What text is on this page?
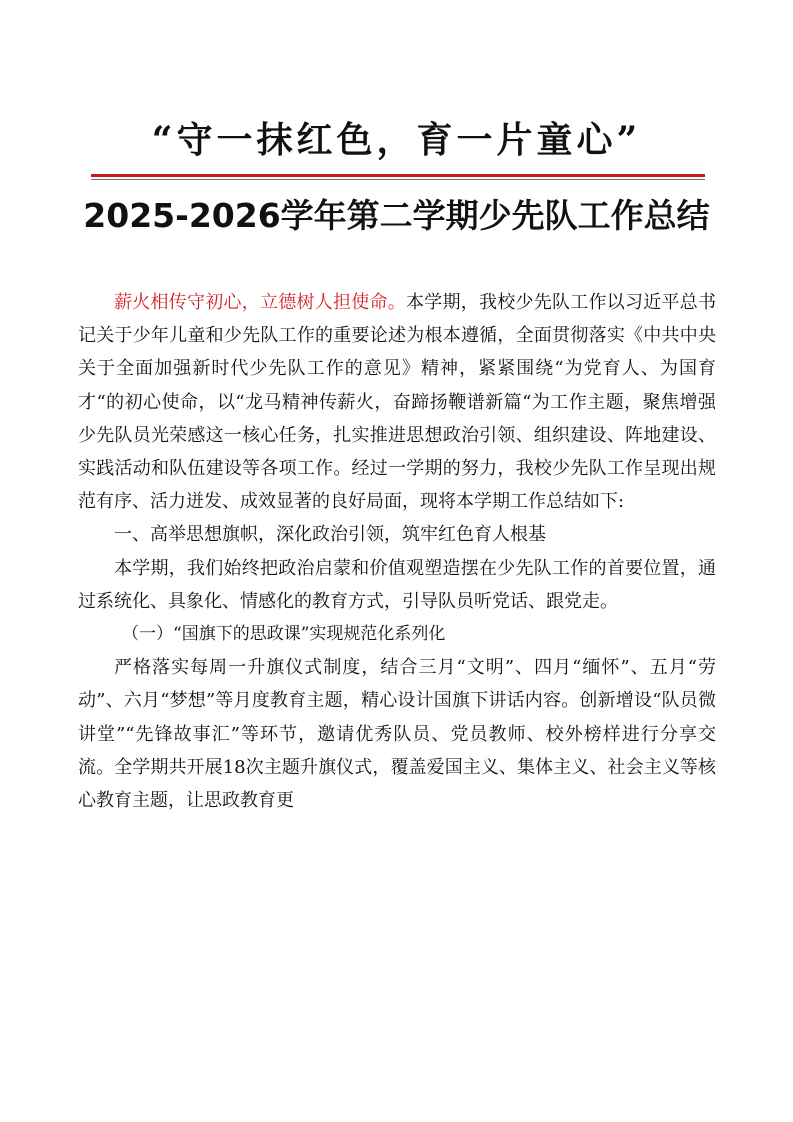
“守一抹红色，育一片童心”
2025-2026学年第二学期少先队工作总结

薪火相传守初心，立德树人担使命。本学期，我校少先队工作以习近平总书记关于少年儿童和少先队工作的重要论述为根本遵循，全面贯彻落实《中共中央关于全面加强新时代少先队工作的意见》精神，紧紧围绕“为党育人、为国育才“的初心使命，以“龙马精神传薪火，奋蹄扬鞭谱新篇“为工作主题，聚焦增强少先队员光荣感这一核心任务，扎实推进思想政治引领、组织建设、阵地建设、实践活动和队伍建设等各项工作。经过一学期的努力，我校少先队工作呈现出规范有序、活力迸发、成效显著的良好局面，现将本学期工作总结如下:

一、高举思想旗帜，深化政治引领，筑牢红色育人根基

本学期，我们始终把政治启蒙和价值观塑造摆在少先队工作的首要位置，通过系统化、具象化、情感化的教育方式，引导队员听党话、跟党走。

（一）“国旗下的思政课”实现规范化系列化

严格落实每周一升旗仪式制度，结合三月“文明”、四月“缅怀”、五月“劳动”、六月“梦想”等月度教育主题，精心设计国旗下讲话内容。创新增设“队员微讲堂”“先锋故事汇”等环节，邀请优秀队员、党员教师、校外榜样进行分享交流。全学期共开展18次主题升旗仪式，覆盖爱国主义、集体主义、社会主义等核心教育主题，让思政教育更
